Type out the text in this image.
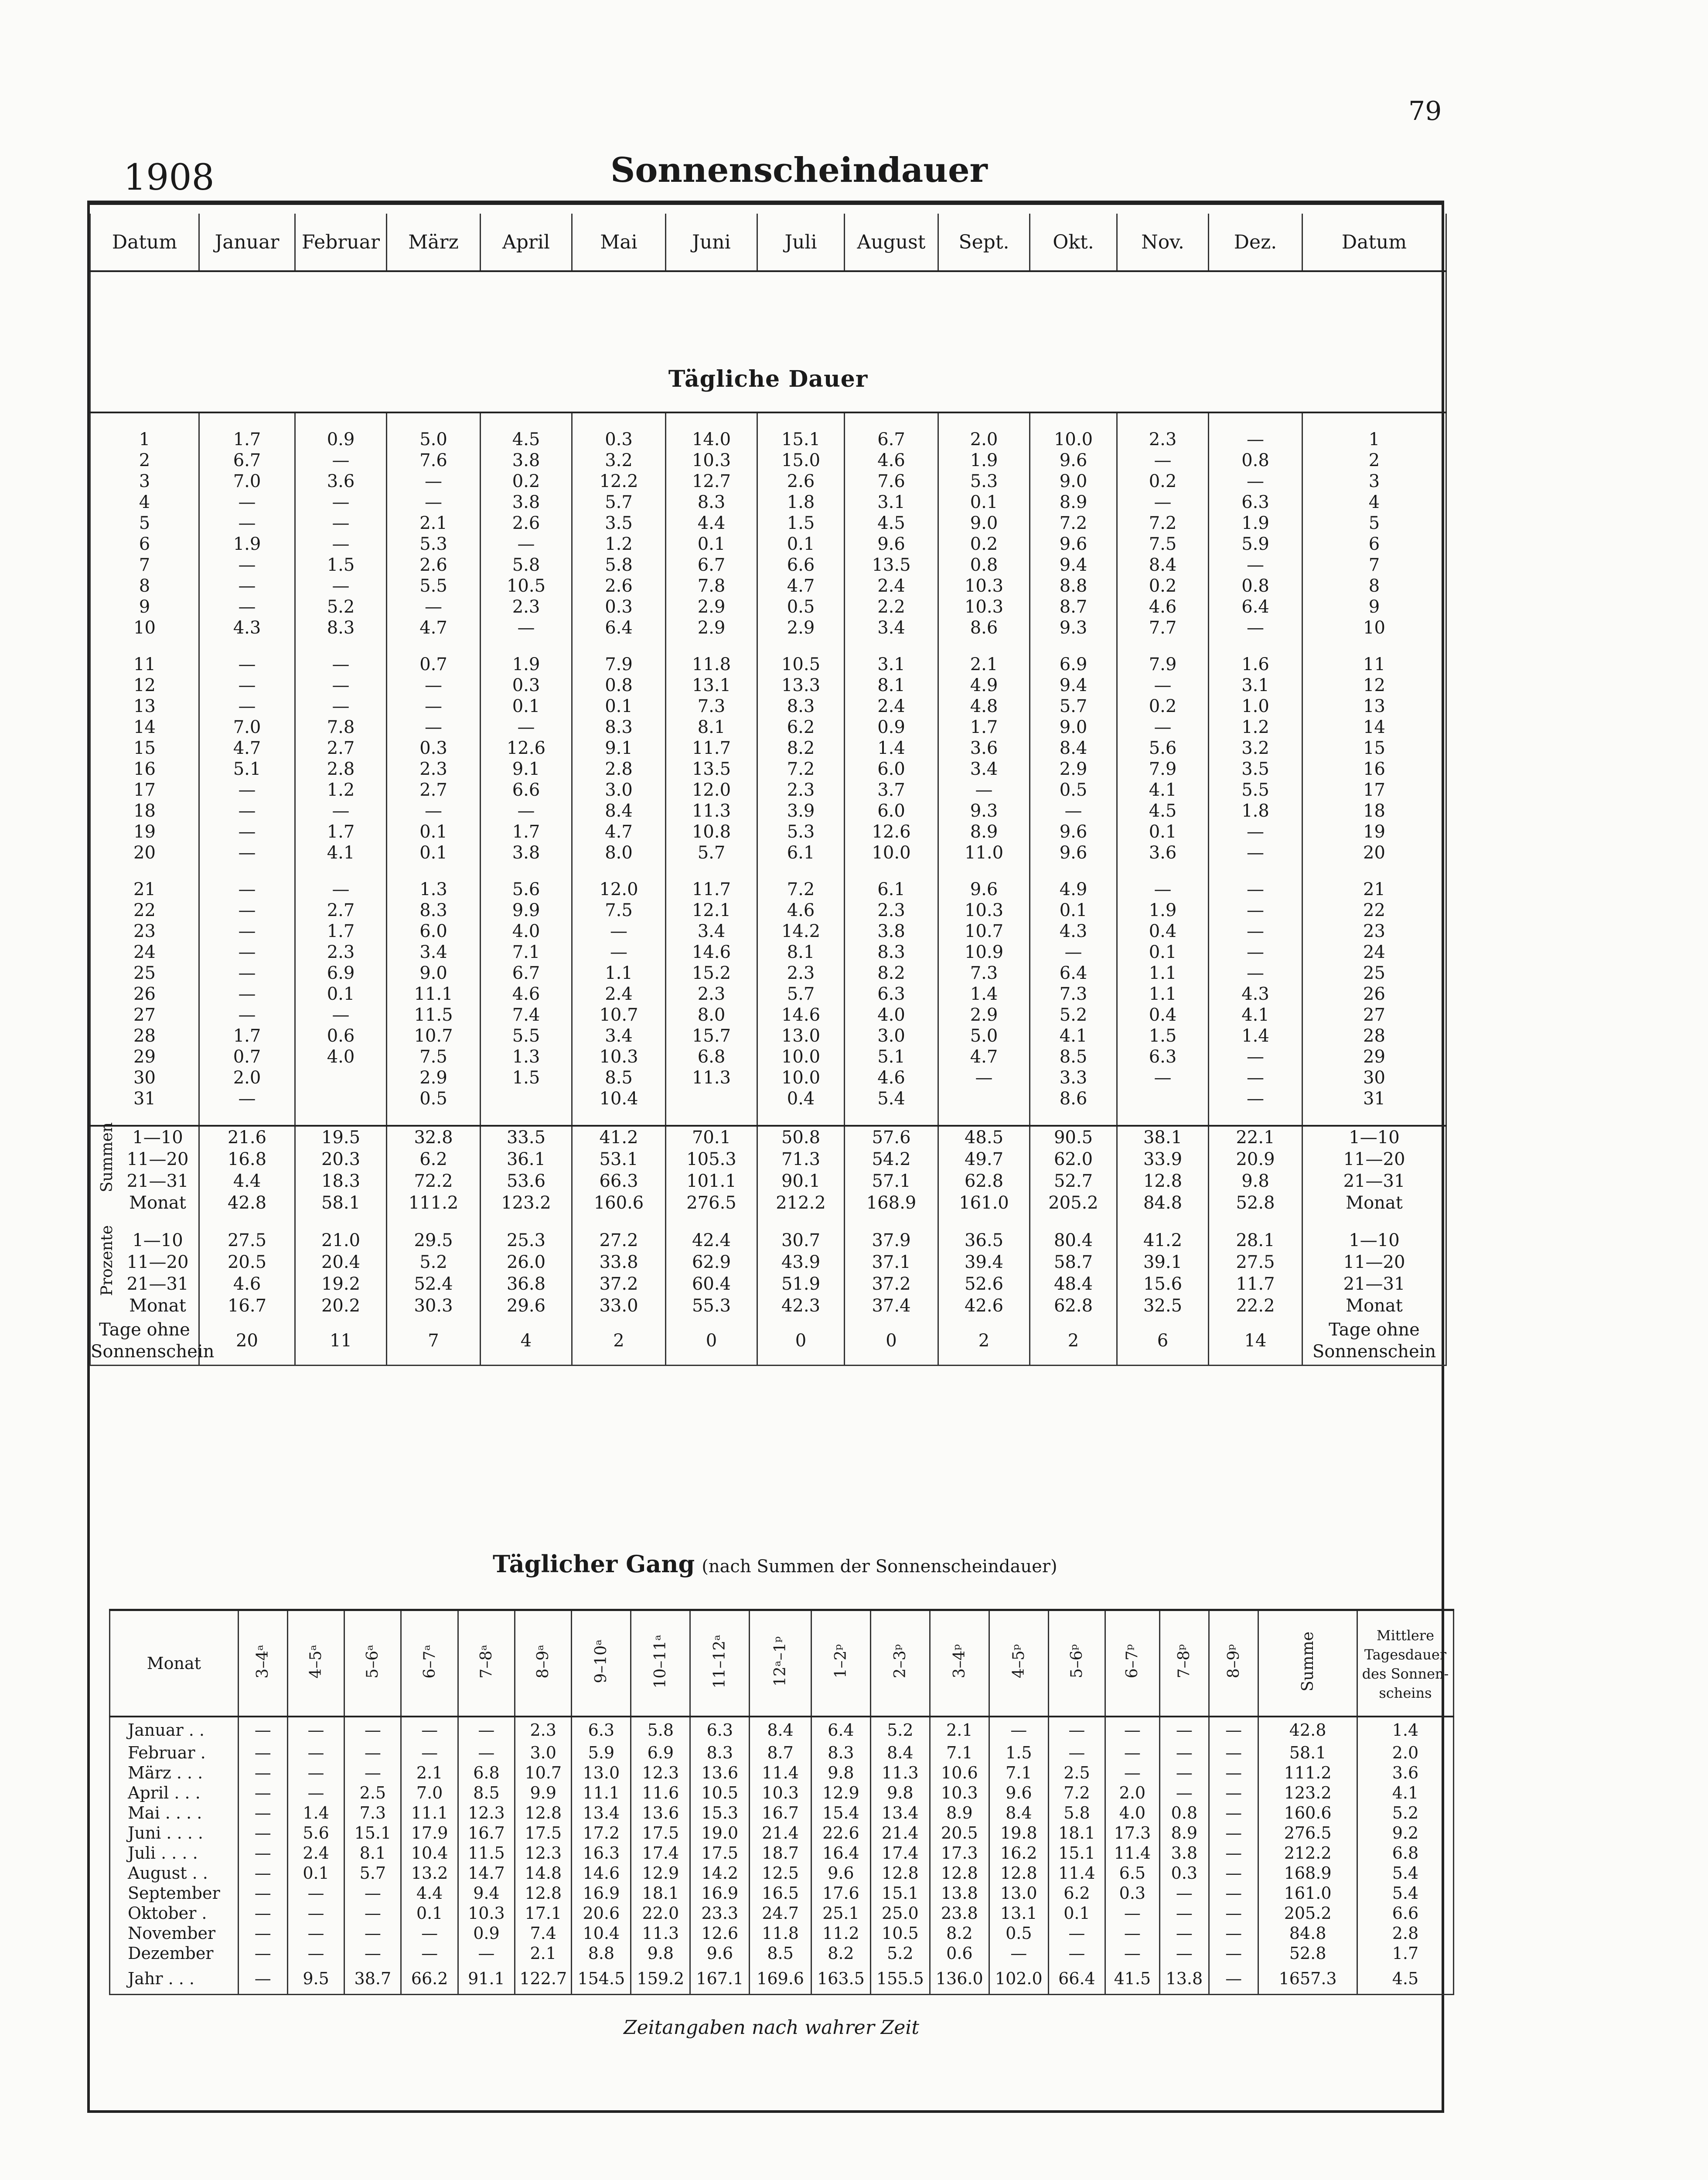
79
1908	Sonnenscheindauer
Datum	Januar	Februar	März	April	Mai	Juni	Juli	August	Sept.	Okt.	Nov.	Dez.	Datum
Tägliche Dauer													

1	1.7	0.9	5.0	4.5	0.3	14.0	15.1	6.7	2.0	10.0	2.3	—	1
2	6.7	—	7.6	3.8	3.2	10.3	15.0	4.6	1.9	9.6	—	0.8	2
3	7.0	3.6	—	0.2	12.2	12.7	2.6	7.6	5.3	9.0	0.2	—	3
4	—	—	—	3.8	5.7	8.3	1.8	3.1	0.1	8.9	—	6.3	4
5	—	—	2.1	2.6	3.5	4.4	1.5	4.5	9.0	7.2	7.2	1.9	5
6	1.9	—	5.3	—	1.2	0.1	0.1	9.6	0.2	9.6	7.5	5.9	6
7	—	1.5	2.6	5.8	5.8	6.7	6.6	13.5	0.8	9.4	8.4	—	7
8	—	—	5.5	10.5	2.6	7.8	4.7	2.4	10.3	8.8	0.2	0.8	8
9	—	5.2	—	2.3	0.3	2.9	0.5	2.2	10.3	8.7	4.6	6.4	9
10	4.3	8.3	4.7	—	6.4	2.9	2.9	3.4	8.6	9.3	7.7	—	10

11	—	—	0.7	1.9	7.9	11.8	10.5	3.1	2.1	6.9	7.9	1.6	11
12	—	—	—	0.3	0.8	13.1	13.3	8.1	4.9	9.4	—	3.1	12
13	—	—	—	0.1	0.1	7.3	8.3	2.4	4.8	5.7	0.2	1.0	13
14	7.0	7.8	—	—	8.3	8.1	6.2	0.9	1.7	9.0	—	1.2	14
15	4.7	2.7	0.3	12.6	9.1	11.7	8.2	1.4	3.6	8.4	5.6	3.2	15
16	5.1	2.8	2.3	9.1	2.8	13.5	7.2	6.0	3.4	2.9	7.9	3.5	16
17	—	1.2	2.7	6.6	3.0	12.0	2.3	3.7	—	0.5	4.1	5.5	17
18	—	—	—	—	8.4	11.3	3.9	6.0	9.3	—	4.5	1.8	18
19	—	1.7	0.1	1.7	4.7	10.8	5.3	12.6	8.9	9.6	0.1	—	19
20	—	4.1	0.1	3.8	8.0	5.7	6.1	10.0	11.0	9.6	3.6	—	20

21	—	—	1.3	5.6	12.0	11.7	7.2	6.1	9.6	4.9	—	—	21
22	—	2.7	8.3	9.9	7.5	12.1	4.6	2.3	10.3	0.1	1.9	—	22
23	—	1.7	6.0	4.0	—	3.4	14.2	3.8	10.7	4.3	0.4	—	23
24	—	2.3	3.4	7.1	—	14.6	8.1	8.3	10.9	—	0.1	—	24
25	—	6.9	9.0	6.7	1.1	15.2	2.3	8.2	7.3	6.4	1.1	—	25
26	—	0.1	11.1	4.6	2.4	2.3	5.7	6.3	1.4	7.3	1.1	4.3	26
27	—	—	11.5	7.4	10.7	8.0	14.6	4.0	2.9	5.2	0.4	4.1	27
28	1.7	0.6	10.7	5.5	3.4	15.7	13.0	3.0	5.0	4.1	1.5	1.4	28
29	0.7	4.0	7.5	1.3	10.3	6.8	10.0	5.1	4.7	8.5	6.3	—	29
30	2.0		2.9	1.5	8.5	11.3	10.0	4.6	—	3.3	—	—	30
31	—		0.5		10.4		0.4	5.4		8.6		—	31

Summen 1—10	21.6	19.5	32.8	33.5	41.2	70.1	50.8	57.6	48.5	90.5	38.1	22.1	1—10
11—20	16.8	20.3	6.2	36.1	53.1	105.3	71.3	54.2	49.7	62.0	33.9	20.9	11—20
21—31	4.4	18.3	72.2	53.6	66.3	101.1	90.1	57.1	62.8	52.7	12.8	9.8	21—31
Monat	42.8	58.1	111.2	123.2	160.6	276.5	212.2	168.9	161.0	205.2	84.8	52.8	Monat

Prozente 1—10	27.5	21.0	29.5	25.3	27.2	42.4	30.7	37.9	36.5	80.4	41.2	28.1	1—10
11—20	20.5	20.4	5.2	26.0	33.8	62.9	43.9	37.1	39.4	58.7	39.1	27.5	11—20
21—31	4.6	19.2	52.4	36.8	37.2	60.4	51.9	37.2	52.6	48.4	15.6	11.7	21—31
Monat	16.7	20.2	30.3	29.6	33.0	55.3	42.3	37.4	42.6	62.8	32.5	22.2	Monat
Tage ohne Sonnenschein	20	11	7	4	2	0	0	0	2	2	6	14	Tage ohne Sonnenschein
Täglicher Gang (nach Summen der Sonnenscheindauer)
Monat	3–4ᵃ	4–5ᵃ	5–6ᵃ	6–7ᵃ	7–8ᵃ	8–9ᵃ	9–10ᵃ	10–11ᵃ	11–12ᵃ	12ᵃ–1ᵖ	1–2ᵖ	2–3ᵖ	3–4ᵖ	4–5ᵖ	5–6ᵖ	6–7ᵖ	7–8ᵖ	8–9ᵖ	Summe	Mittlere Tagesdauer des Sonnen-scheins
Januar . .	—	—	—	—	—	2.3	6.3	5.8	6.3	8.4	6.4	5.2	2.1	—	—	—	—	—	42.8	1.4
Februar .	—	—	—	—	—	3.0	5.9	6.9	8.3	8.7	8.3	8.4	7.1	1.5	—	—	—	—	58.1	2.0
März . . .	—	—	—	2.1	6.8	10.7	13.0	12.3	13.6	11.4	9.8	11.3	10.6	7.1	2.5	—	—	—	111.2	3.6
April . . .	—	—	2.5	7.0	8.5	9.9	11.1	11.6	10.5	10.3	12.9	9.8	10.3	9.6	7.2	2.0	—	—	123.2	4.1
Mai . . . .	—	1.4	7.3	11.1	12.3	12.8	13.4	13.6	15.3	16.7	15.4	13.4	8.9	8.4	5.8	4.0	0.8	—	160.6	5.2
Juni . . . .	—	5.6	15.1	17.9	16.7	17.5	17.2	17.5	19.0	21.4	22.6	21.4	20.5	19.8	18.1	17.3	8.9	—	276.5	9.2
Juli . . . .	—	2.4	8.1	10.4	11.5	12.3	16.3	17.4	17.5	18.7	16.4	17.4	17.3	16.2	15.1	11.4	3.8	—	212.2	6.8
August . .	—	0.1	5.7	13.2	14.7	14.8	14.6	12.9	14.2	12.5	9.6	12.8	12.8	12.8	11.4	6.5	0.3	—	168.9	5.4
September	—	—	—	4.4	9.4	12.8	16.9	18.1	16.9	16.5	17.6	15.1	13.8	13.0	6.2	0.3	—	—	161.0	5.4
Oktober .	—	—	—	0.1	10.3	17.1	20.6	22.0	23.3	24.7	25.1	25.0	23.8	13.1	0.1	—	—	—	205.2	6.6
November	—	—	—	—	0.9	7.4	10.4	11.3	12.6	11.8	11.2	10.5	8.2	0.5	—	—	—	—	84.8	2.8
Dezember	—	—	—	—	—	2.1	8.8	9.8	9.6	8.5	8.2	5.2	0.6	—	—	—	—	—	52.8	1.7
Jahr . . .	—	9.5	38.7	66.2	91.1	122.7	154.5	159.2	167.1	169.6	163.5	155.5	136.0	102.0	66.4	41.5	13.8	—	1657.3	4.5
Zeitangaben nach wahrer Zeit
